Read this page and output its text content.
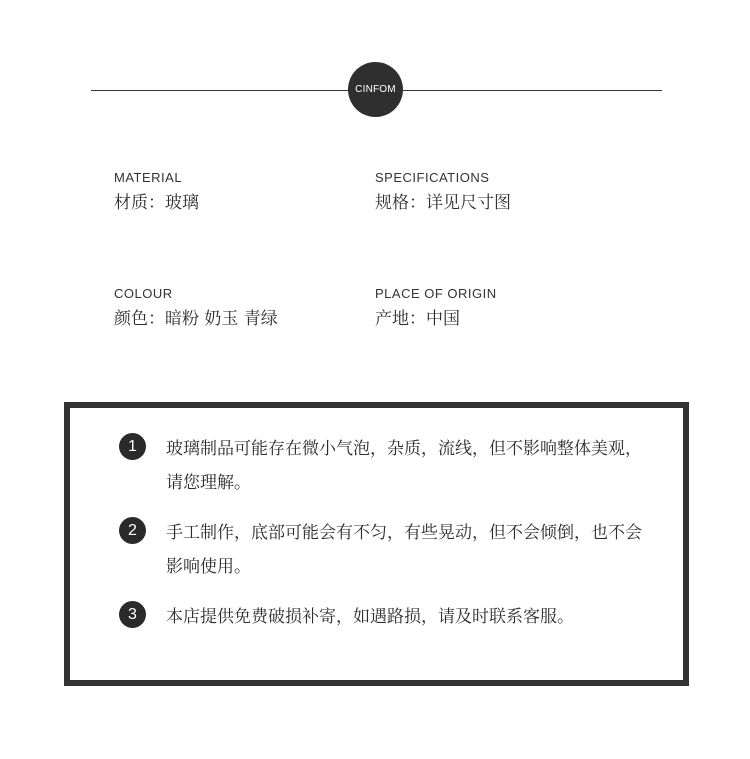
CINFOM
MATERIAL
材质：玻璃
SPECIFICATIONS
规格：详见尺寸图
COLOUR
颜色：暗粉 奶玉 青绿
PLACE OF ORIGIN
产地：中国
1	玻璃制品可能存在微小气泡，杂质，流线，但不影响整体美观，请您理解。
2	手工制作，底部可能会有不匀，有些晃动，但不会倾倒，也不会影响使用。
3	本店提供免费破损补寄，如遇路损，请及时联系客服。
